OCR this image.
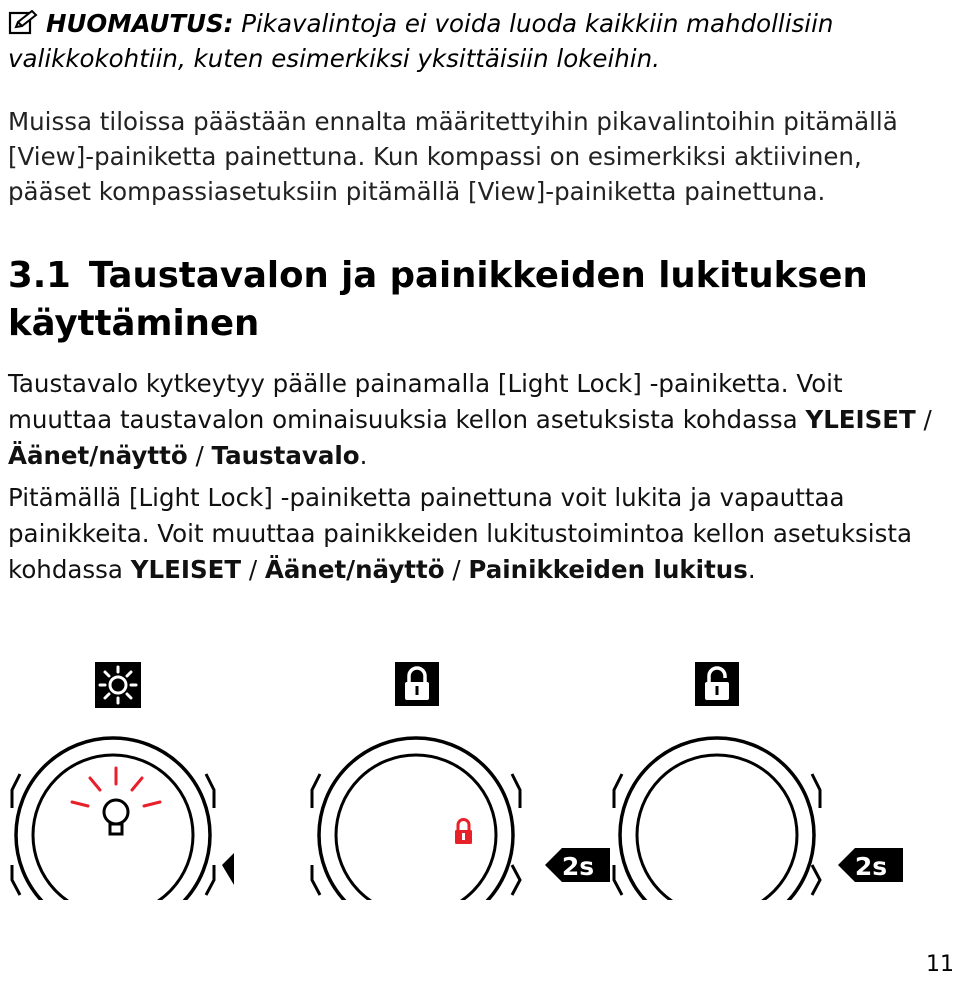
HUOMAUTUS: Pikavalintoja ei voida luoda kaikkiin mahdollisiin valikkokohtiin, kuten esimerkiksi yksittäisiin lokeihin.
Muissa tiloissa päästään ennalta määritettyihin pikavalintoihin pitämällä [View]-painiketta painettuna. Kun kompassi on esimerkiksi aktiivinen, pääset kompassiasetuksiin pitämällä [View]-painiketta painettuna.
3.1 Taustavalon ja painikkeiden lukituksen käyttäminen
Taustavalo kytkeytyy päälle painamalla [Light Lock] -painiketta. Voit muuttaa taustavalon ominaisuuksia kellon asetuksista kohdassa YLEISET / Äänet/näyttö / Taustavalo.
Pitämällä [Light Lock] -painiketta painettuna voit lukita ja vapauttaa painikkeita. Voit muuttaa painikkeiden lukitustoimintoa kellon asetuksista kohdassa YLEISET / Äänet/näyttö / Painikkeiden lukitus.
2s	2s
11
